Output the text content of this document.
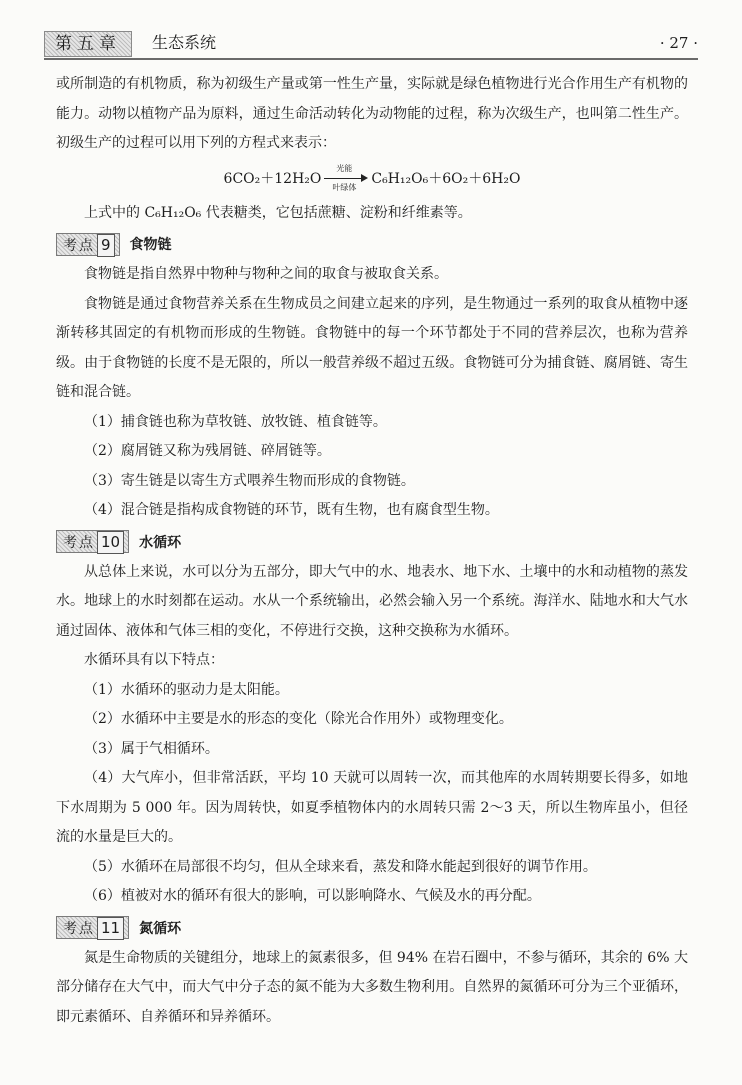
第五章	生态系统	· 27 ·

或所制造的有机物质，称为初级生产量或第一性生产量，实际就是绿色植物进行光合作用生产有机物的能力。动物以植物产品为原料，通过生命活动转化为动物能的过程，称为次级生产，也叫第二性生产。初级生产的过程可以用下列的方程式来表示：

6CO₂＋12H₂O
光能
叶绿体
C₆H₁₂O₆＋6O₂＋6H₂O

上式中的 C₆H₁₂O₆ 代表糖类，它包括蔗糖、淀粉和纤维素等。

考点 9	食物链

食物链是指自然界中物种与物种之间的取食与被取食关系。

食物链是通过食物营养关系在生物成员之间建立起来的序列，是生物通过一系列的取食从植物中逐渐转移其固定的有机物而形成的生物链。食物链中的每一个环节都处于不同的营养层次，也称为营养级。由于食物链的长度不是无限的，所以一般营养级不超过五级。食物链可分为捕食链、腐屑链、寄生链和混合链。

（1）捕食链也称为草牧链、放牧链、植食链等。

（2）腐屑链又称为残屑链、碎屑链等。

（3）寄生链是以寄生方式喂养生物而形成的食物链。

（4）混合链是指构成食物链的环节，既有生物，也有腐食型生物。

考点 10	水循环

从总体上来说，水可以分为五部分，即大气中的水、地表水、地下水、土壤中的水和动植物的蒸发水。地球上的水时刻都在运动。水从一个系统输出，必然会输入另一个系统。海洋水、陆地水和大气水通过固体、液体和气体三相的变化，不停进行交换，这种交换称为水循环。

水循环具有以下特点：

（1）水循环的驱动力是太阳能。

（2）水循环中主要是水的形态的变化（除光合作用外）或物理变化。

（3）属于气相循环。

（4）大气库小，但非常活跃，平均 10 天就可以周转一次，而其他库的水周转期要长得多，如地下水周期为 5 000 年。因为周转快，如夏季植物体内的水周转只需 2～3 天，所以生物库虽小，但径流的水量是巨大的。

（5）水循环在局部很不均匀，但从全球来看，蒸发和降水能起到很好的调节作用。

（6）植被对水的循环有很大的影响，可以影响降水、气候及水的再分配。

考点 11	氮循环

氮是生命物质的关键组分，地球上的氮素很多，但 94% 在岩石圈中，不参与循环，其余的 6% 大部分储存在大气中，而大气中分子态的氮不能为大多数生物利用。自然界的氮循环可分为三个亚循环，即元素循环、自养循环和异养循环。
